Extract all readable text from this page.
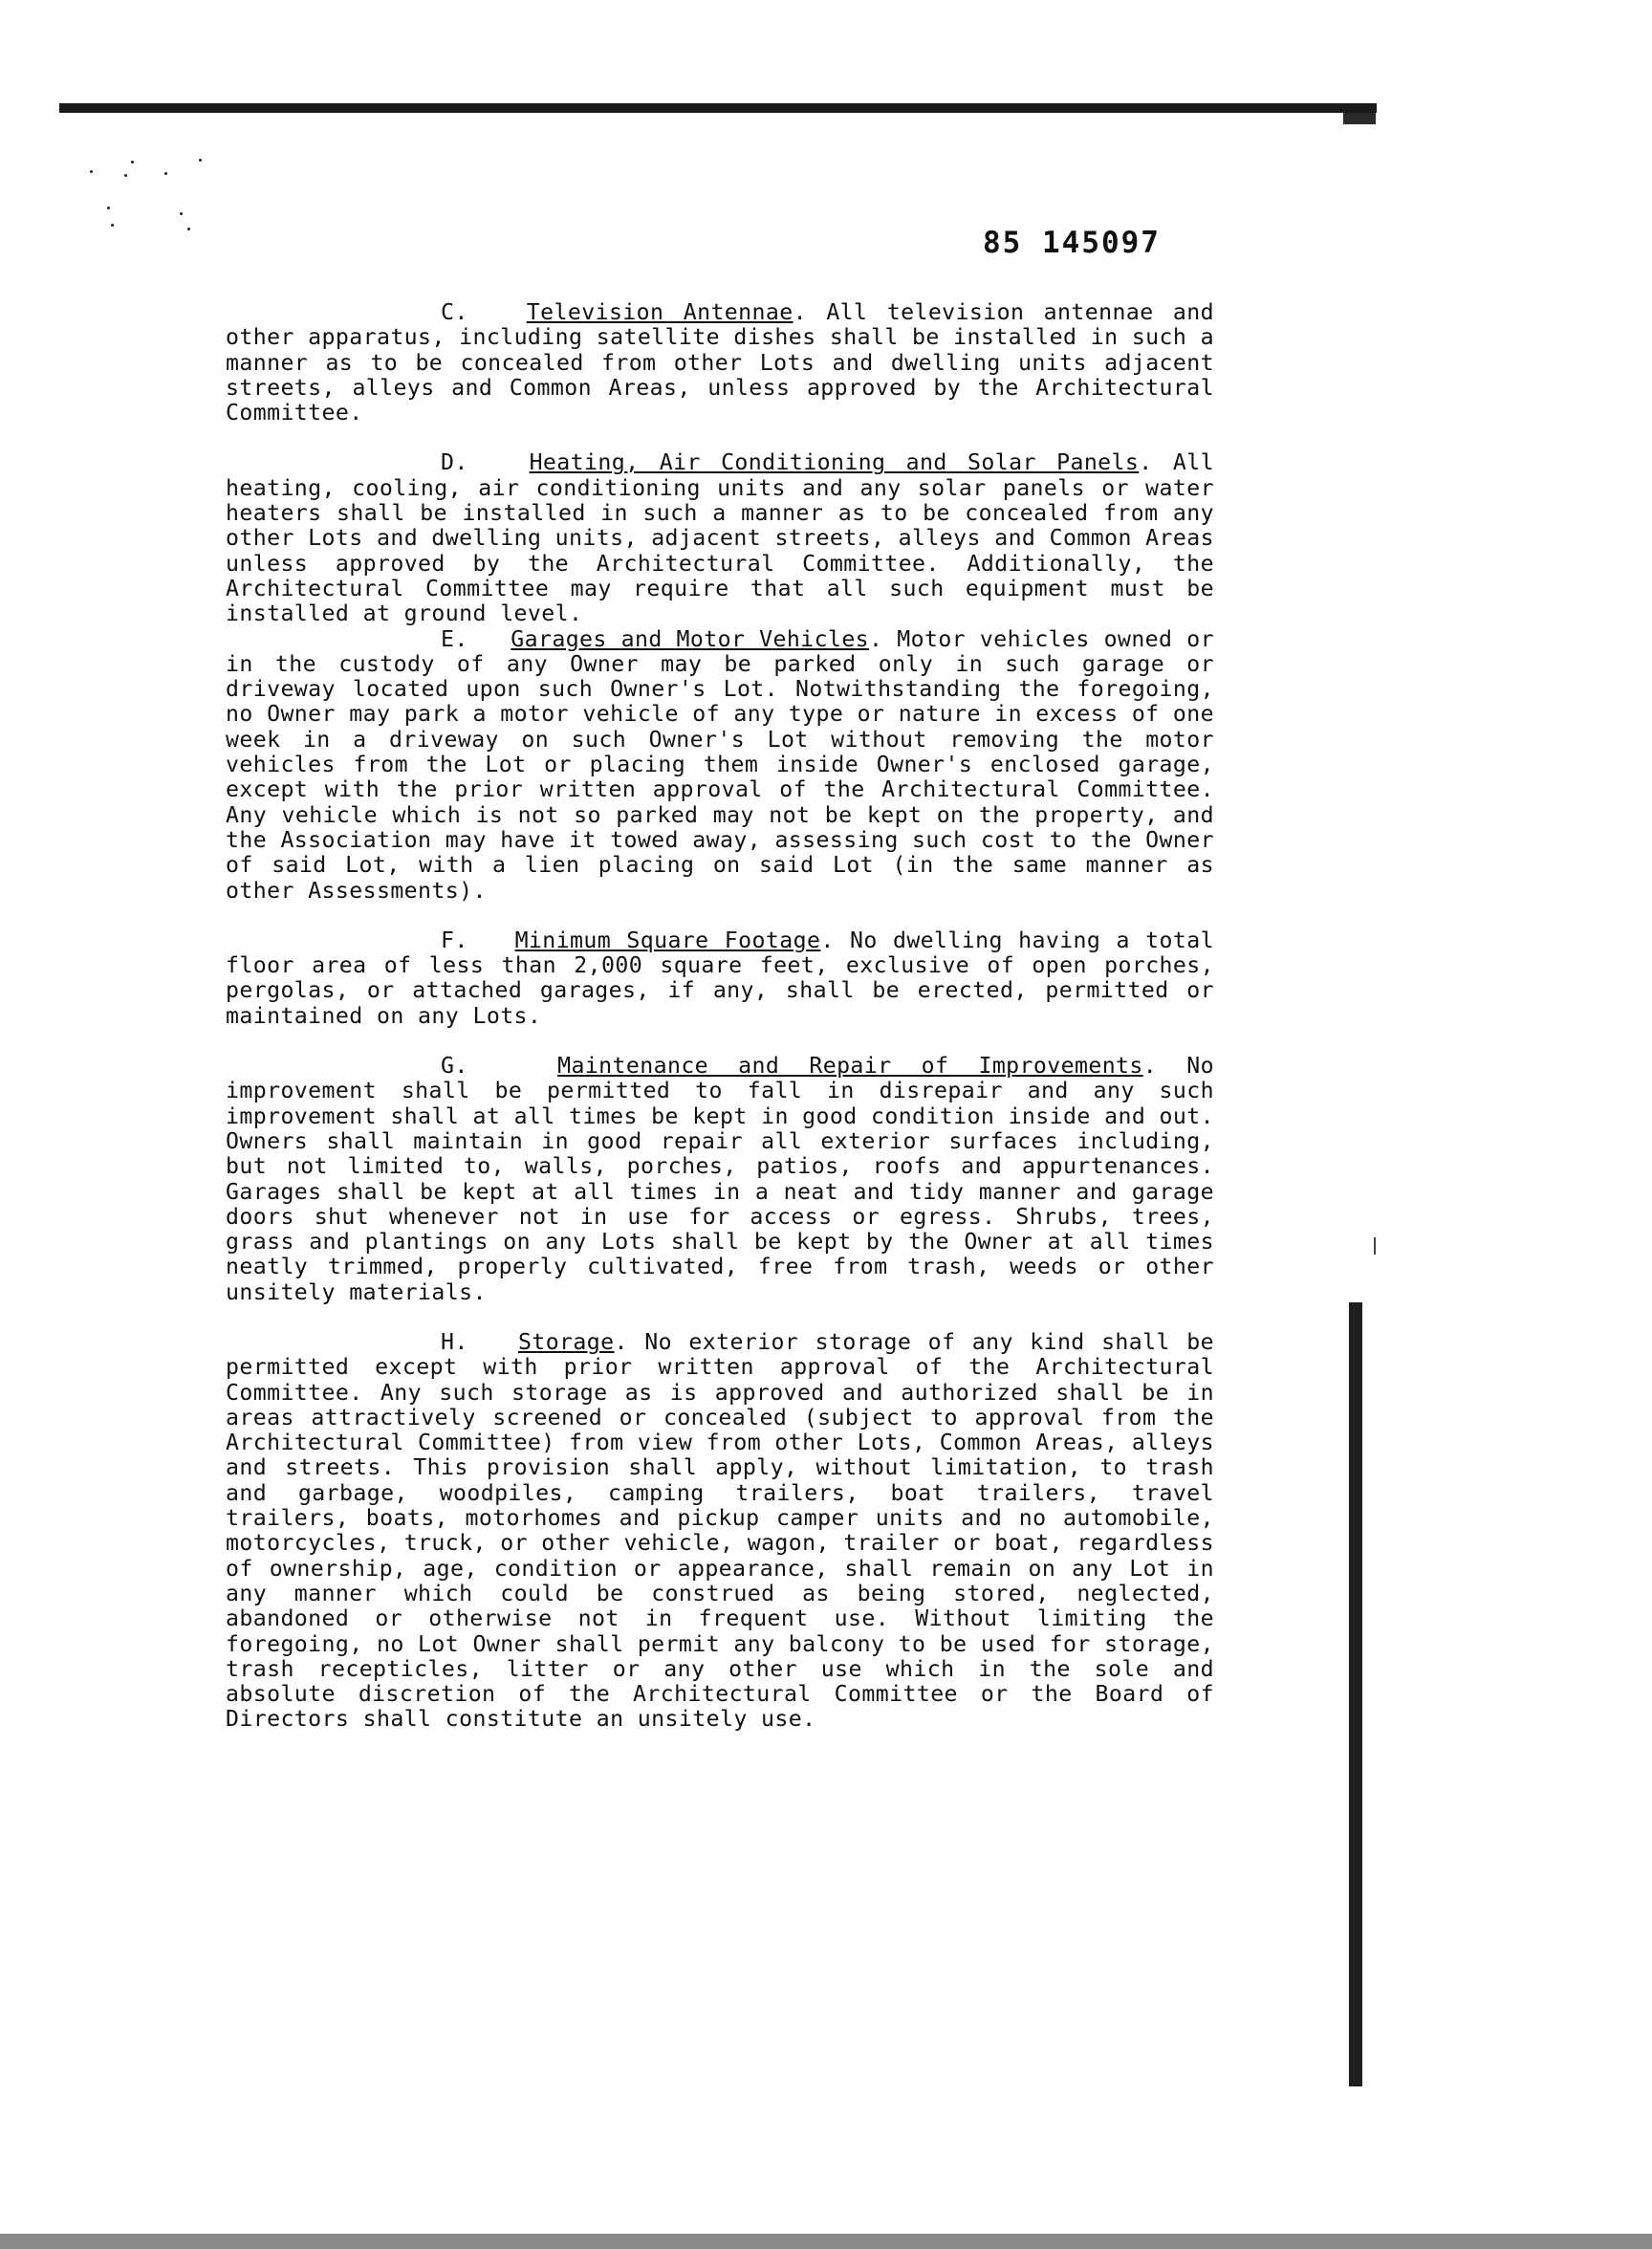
85 145097

C.	Television Antennae. All television antennae and other apparatus, including satellite dishes shall be installed in such a manner as to be concealed from other Lots and dwelling units adjacent streets, alleys and Common Areas, unless approved by the Architectural Committee.

D.	Heating, Air Conditioning and Solar Panels. All heating, cooling, air conditioning units and any solar panels or water heaters shall be installed in such a manner as to be concealed from any other Lots and dwelling units, adjacent streets, alleys and Common Areas unless approved by the Architectural Committee. Additionally, the Architectural Committee may require that all such equipment must be installed at ground level.

E. Garages and Motor Vehicles. Motor vehicles owned or in the custody of any Owner may be parked only in such garage or driveway located upon such Owner's Lot. Notwithstanding the foregoing, no Owner may park a motor vehicle of any type or nature in excess of one week in a driveway on such Owner's Lot without removing the motor vehicles from the Lot or placing them inside Owner's enclosed garage, except with the prior written approval of the Architectural Committee. Any vehicle which is not so parked may not be kept on the property, and the Association may have it towed away, assessing such cost to the Owner of said Lot, with a lien placing on said Lot (in the same manner as other Assessments).

F. Minimum Square Footage. No dwelling having a total floor area of less than 2,000 square feet, exclusive of open porches, pergolas, or attached garages, if any, shall be erected, permitted or maintained on any Lots.

G.	Maintenance and Repair of Improvements. No improvement shall be permitted to fall in disrepair and any such improvement shall at all times be kept in good condition inside and out. Owners shall maintain in good repair all exterior surfaces including, but not limited to, walls, porches, patios, roofs and appurtenances. Garages shall be kept at all times in a neat and tidy manner and garage doors shut whenever not in use for access or egress. Shrubs, trees, grass and plantings on any Lots shall be kept by the Owner at all times neatly trimmed, properly cultivated, free from trash, weeds or other unsitely materials.

H. Storage. No exterior storage of any kind shall be permitted except with prior written approval of the Architectural Committee. Any such storage as is approved and authorized shall be in areas attractively screened or concealed (subject to approval from the Architectural Committee) from view from other Lots, Common Areas, alleys and streets. This provision shall apply, without limitation, to trash and garbage, woodpiles, camping trailers, boat trailers, travel trailers, boats, motorhomes and pickup camper units and no automobile, motorcycles, truck, or other vehicle, wagon, trailer or boat, regardless of ownership, age, condition or appearance, shall remain on any Lot in any manner which could be construed as being stored, neglected, abandoned or otherwise not in frequent use. Without limiting the foregoing, no Lot Owner shall permit any balcony to be used for storage, trash recepticles, litter or any other use which in the sole and absolute discretion of the Architectural Committee or the Board of Directors shall constitute an unsitely use.
